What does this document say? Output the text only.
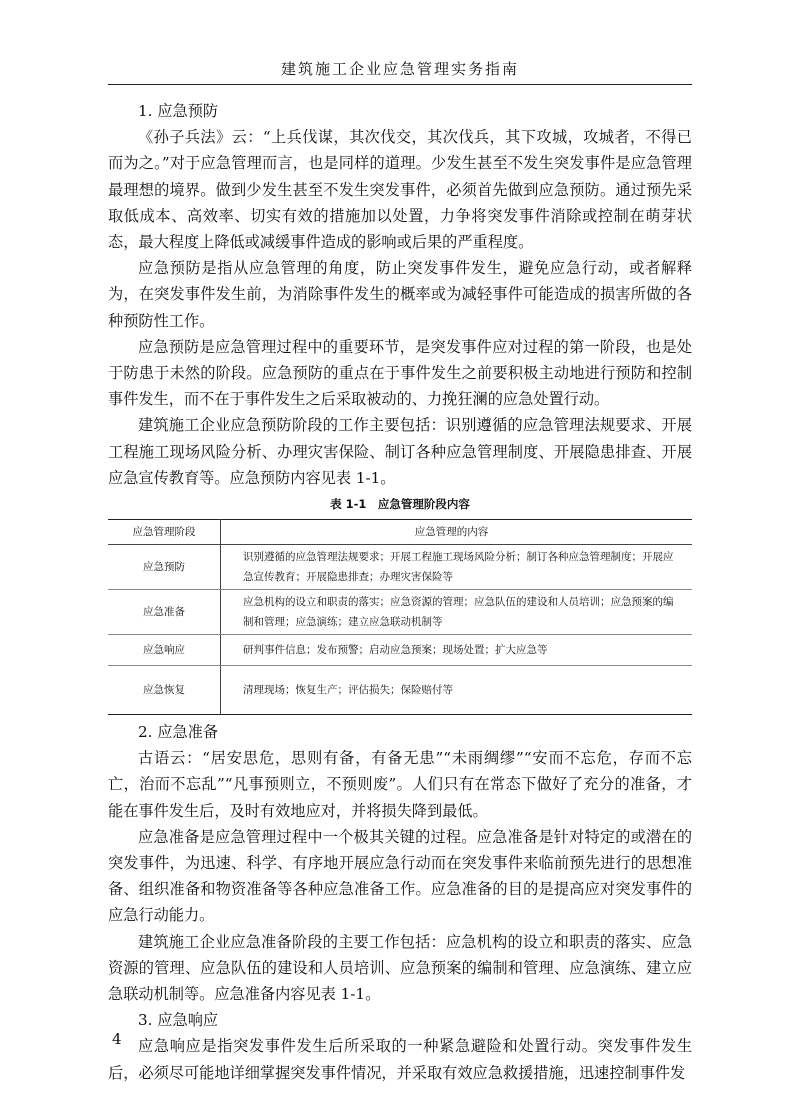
建筑施工企业应急管理实务指南
1. 应急预防

《孙子兵法》云：“上兵伐谋，其次伐交，其次伐兵，其下攻城，攻城者，不得已而为之。”对于应急管理而言，也是同样的道理。少发生甚至不发生突发事件是应急管理最理想的境界。做到少发生甚至不发生突发事件，必须首先做到应急预防。通过预先采取低成本、高效率、切实有效的措施加以处置，力争将突发事件消除或控制在萌芽状态，最大程度上降低或减缓事件造成的影响或后果的严重程度。

应急预防是指从应急管理的角度，防止突发事件发生，避免应急行动，或者解释为，在突发事件发生前，为消除事件发生的概率或为减轻事件可能造成的损害所做的各种预防性工作。

应急预防是应急管理过程中的重要环节，是突发事件应对过程的第一阶段，也是处于防患于未然的阶段。应急预防的重点在于事件发生之前要积极主动地进行预防和控制事件发生，而不在于事件发生之后采取被动的、力挽狂澜的应急处置行动。

建筑施工企业应急预防阶段的工作主要包括：识别遵循的应急管理法规要求、开展工程施工现场风险分析、办理灾害保险、制订各种应急管理制度、开展隐患排查、开展应急宣传教育等。应急预防内容见表 1-1。

表 1-1　应急管理阶段内容
应急管理阶段	应急管理的内容
应急预防	识别遵循的应急管理法规要求；开展工程施工现场风险分析；制订各种应急管理制度；开展应急宣传教育；开展隐患排查；办理灾害保险等
应急准备	应急机构的设立和职责的落实；应急资源的管理；应急队伍的建设和人员培训；应急预案的编制和管理；应急演练；建立应急联动机制等
应急响应	研判事件信息；发布预警；启动应急预案；现场处置；扩大应急等
应急恢复	清理现场；恢复生产；评估损失；保险赔付等
2. 应急准备

古语云：“居安思危，思则有备，有备无患”“未雨绸缪”“安而不忘危，存而不忘亡，治而不忘乱”“凡事预则立，不预则废”。人们只有在常态下做好了充分的准备，才能在事件发生后，及时有效地应对，并将损失降到最低。

应急准备是应急管理过程中一个极其关键的过程。应急准备是针对特定的或潜在的突发事件，为迅速、科学、有序地开展应急行动而在突发事件来临前预先进行的思想准备、组织准备和物资准备等各种应急准备工作。应急准备的目的是提高应对突发事件的应急行动能力。

建筑施工企业应急准备阶段的主要工作包括：应急机构的设立和职责的落实、应急资源的管理、应急队伍的建设和人员培训、应急预案的编制和管理、应急演练、建立应急联动机制等。应急准备内容见表 1-1。

3. 应急响应

应急响应是指突发事件发生后所采取的一种紧急避险和处置行动。突发事件发生后，必须尽可能地详细掌握突发事件情况，并采取有效应急救援措施，迅速控制事件发

4
